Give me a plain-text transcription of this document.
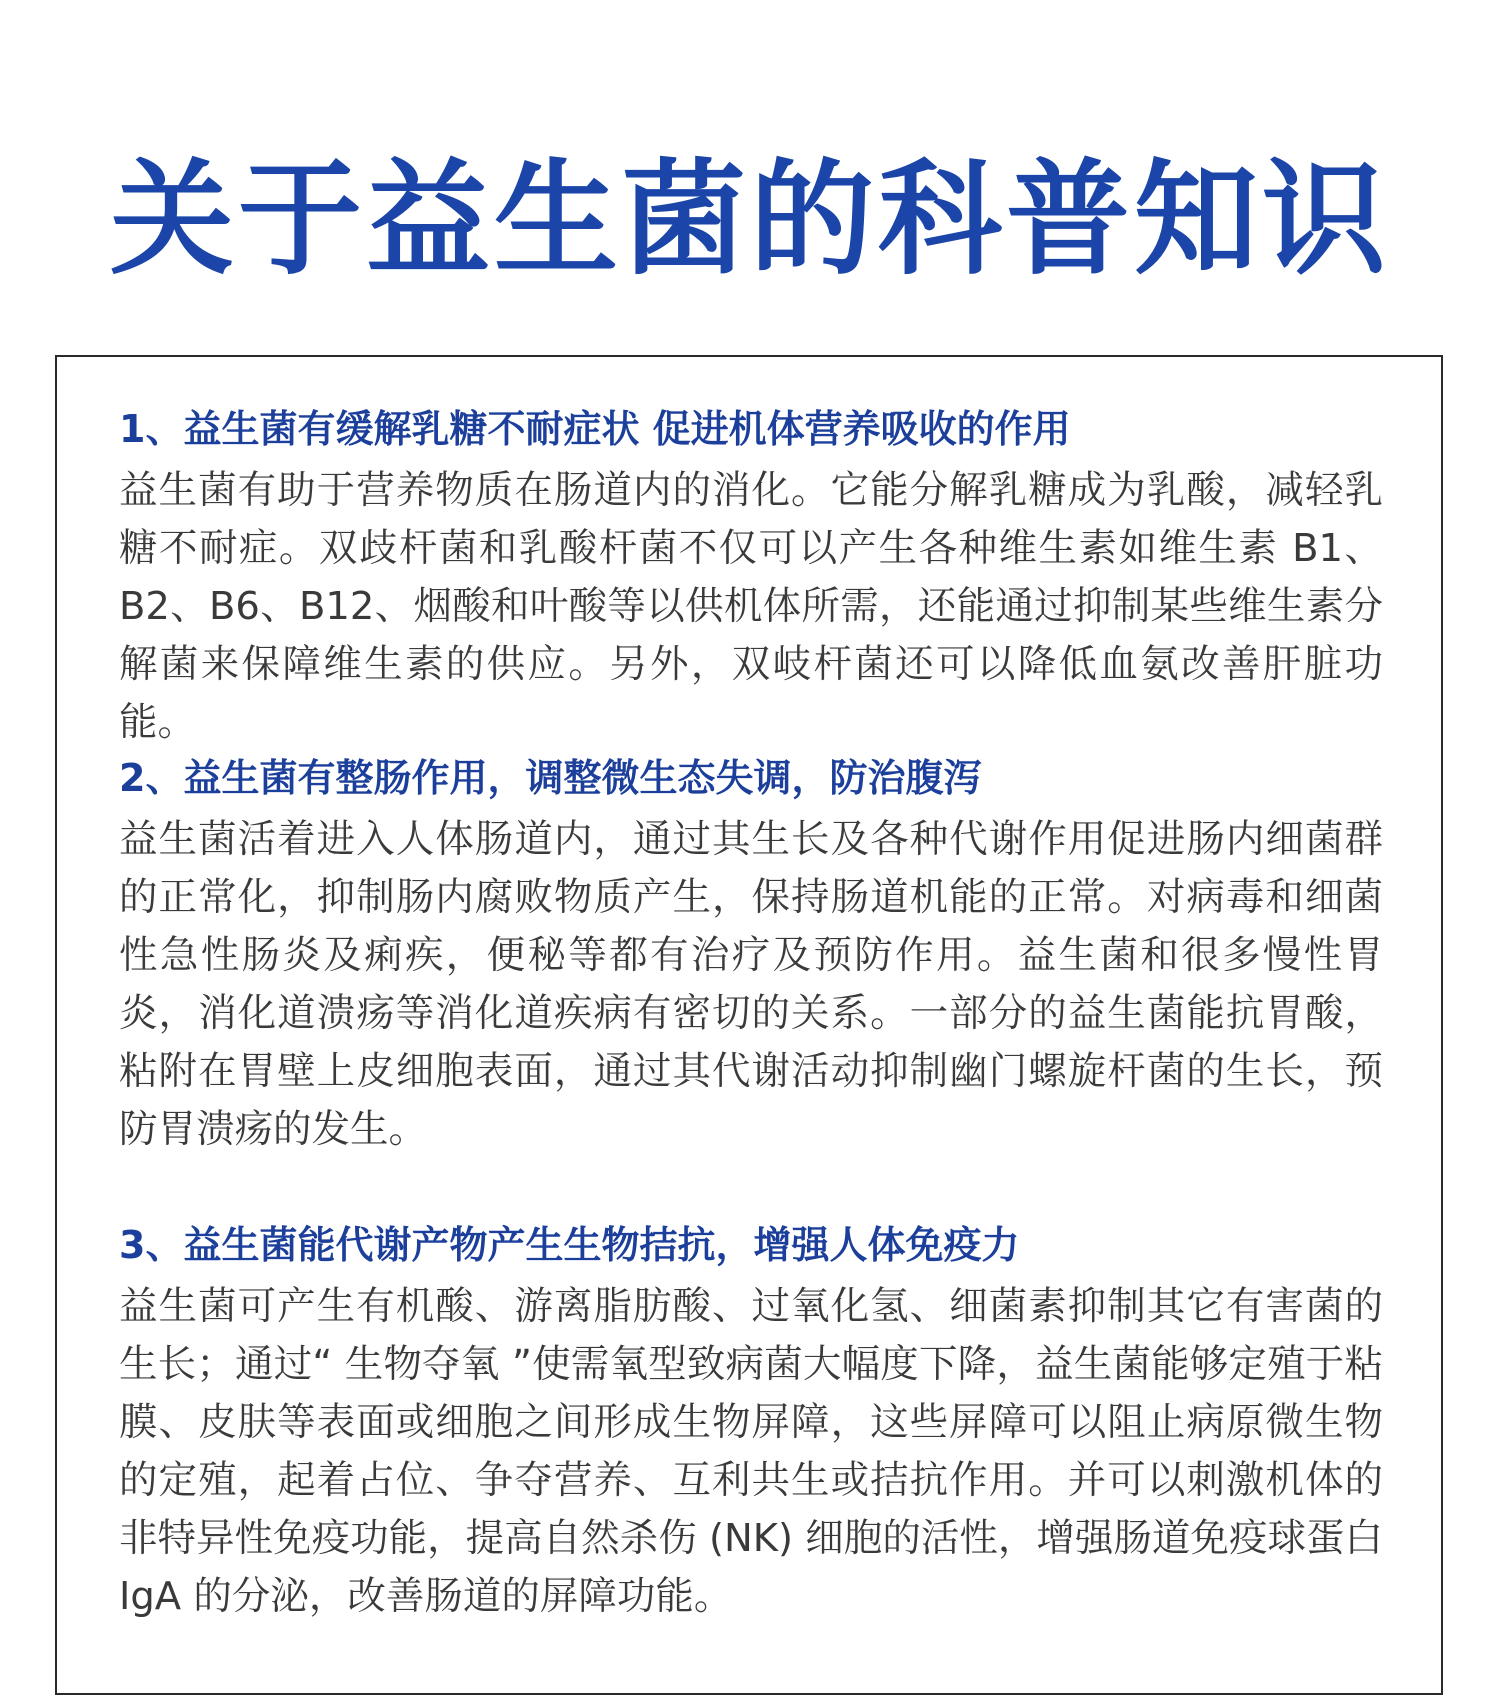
关于益生菌的科普知识
1、益生菌有缓解乳糖不耐症状 促进机体营养吸收的作用

益生菌有助于营养物质在肠道内的消化。它能分解乳糖成为乳酸，减轻乳糖不耐症。双歧杆菌和乳酸杆菌不仅可以产生各种维生素如维生素 B1、B2、B6、B12、烟酸和叶酸等以供机体所需，还能通过抑制某些维生素分解菌来保障维生素的供应。另外，双岐杆菌还可以降低血氨改善肝脏功能。

2、益生菌有整肠作用，调整微生态失调，防治腹泻

益生菌活着进入人体肠道内，通过其生长及各种代谢作用促进肠内细菌群的正常化，抑制肠内腐败物质产生，保持肠道机能的正常。对病毒和细菌性急性肠炎及痢疾，便秘等都有治疗及预防作用。益生菌和很多慢性胃炎，消化道溃疡等消化道疾病有密切的关系。一部分的益生菌能抗胃酸，粘附在胃壁上皮细胞表面，通过其代谢活动抑制幽门螺旋杆菌的生长，预防胃溃疡的发生。

3、益生菌能代谢产物产生生物拮抗，增强人体免疫力

益生菌可产生有机酸、游离脂肪酸、过氧化氢、细菌素抑制其它有害菌的生长；通过“ 生物夺氧 ”使需氧型致病菌大幅度下降，益生菌能够定殖于粘膜、皮肤等表面或细胞之间形成生物屏障，这些屏障可以阻止病原微生物的定殖，起着占位、争夺营养、互利共生或拮抗作用。并可以刺激机体的非特异性免疫功能，提高自然杀伤 (NK) 细胞的活性，增强肠道免疫球蛋白 IgA 的分泌，改善肠道的屏障功能。
